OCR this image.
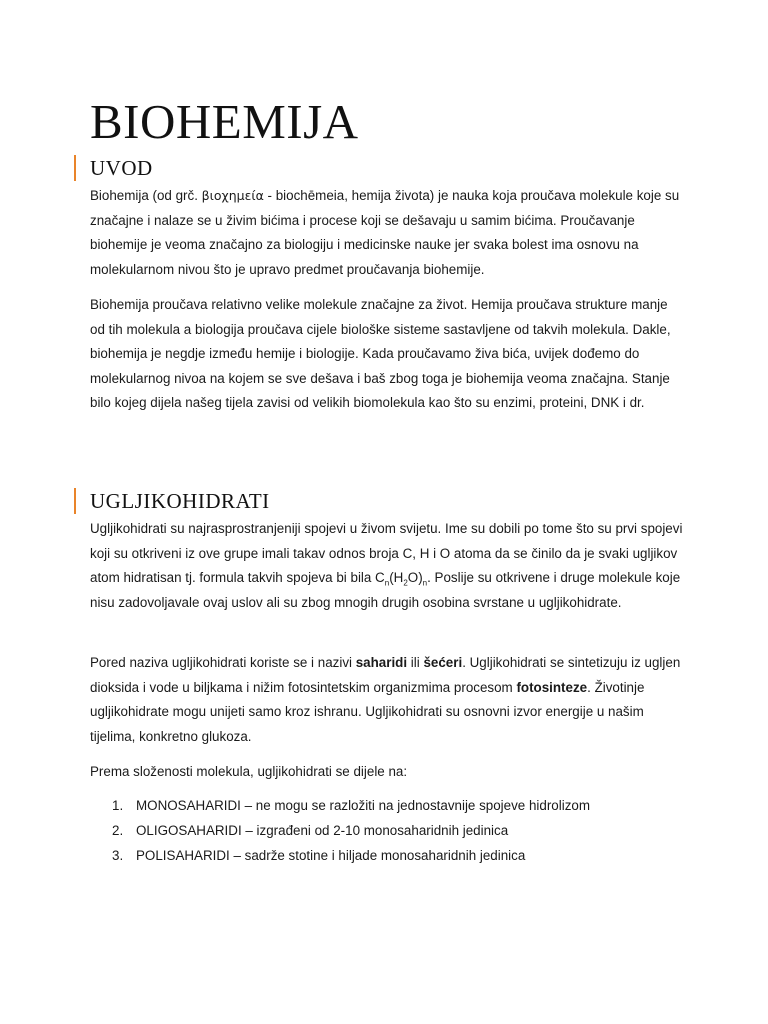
BIOHEMIJA
UVOD

Biohemija (od grč. βιοχημεία - biochēmeia, hemija života) je nauka koja proučava molekule koje su značajne i nalaze se u živim bićima i procese koji se dešavaju u samim bićima. Proučavanje biohemije je veoma značajno za biologiju i medicinske nauke jer svaka bolest ima osnovu na molekularnom nivou što je upravo predmet proučavanja biohemije.

Biohemija proučava relativno velike molekule značajne za život. Hemija proučava strukture manje od tih molekula a biologija proučava cijele biološke sisteme sastavljene od takvih molekula. Dakle, biohemija je negdje između hemije i biologije. Kada proučavamo živa bića, uvijek dođemo do molekularnog nivoa na kojem se sve dešava i baš zbog toga je biohemija veoma značajna. Stanje bilo kojeg dijela našeg tijela zavisi od velikih biomolekula kao što su enzimi, proteini, DNK i dr.

UGLJIKOHIDRATI

Ugljikohidrati su najrasprostranjeniji spojevi u živom svijetu. Ime su dobili po tome što su prvi spojevi koji su otkriveni iz ove grupe imali takav odnos broja C, H i O atoma da se činilo da je svaki ugljikov atom hidratisan tj. formula takvih spojeva bi bila $C_n(H_2O)_n$. Poslije su otkrivene i druge molekule koje nisu zadovoljavale ovaj uslov ali su zbog mnogih drugih osobina svrstane u ugljikohidrate.

Pored naziva ugljikohidrati koriste se i nazivi saharidi ili šećeri. Ugljikohidrati se sintetizuju iz ugljen dioksida i vode u biljkama i nižim fotosintetskim organizmima procesom fotosinteze. Životinje ugljikohidrate mogu unijeti samo kroz ishranu. Ugljikohidrati su osnovni izvor energije u našim tijelima, konkretno glukoza.

Prema složenosti molekula, ugljikohidrati se dijele na:

1. MONOSAHARIDI – ne mogu se razložiti na jednostavnije spojeve hidrolizom
2. OLIGOSAHARIDI – izgrađeni od 2-10 monosaharidnih jedinica
3. POLISAHARIDI – sadrže stotine i hiljade monosaharidnih jedinica
